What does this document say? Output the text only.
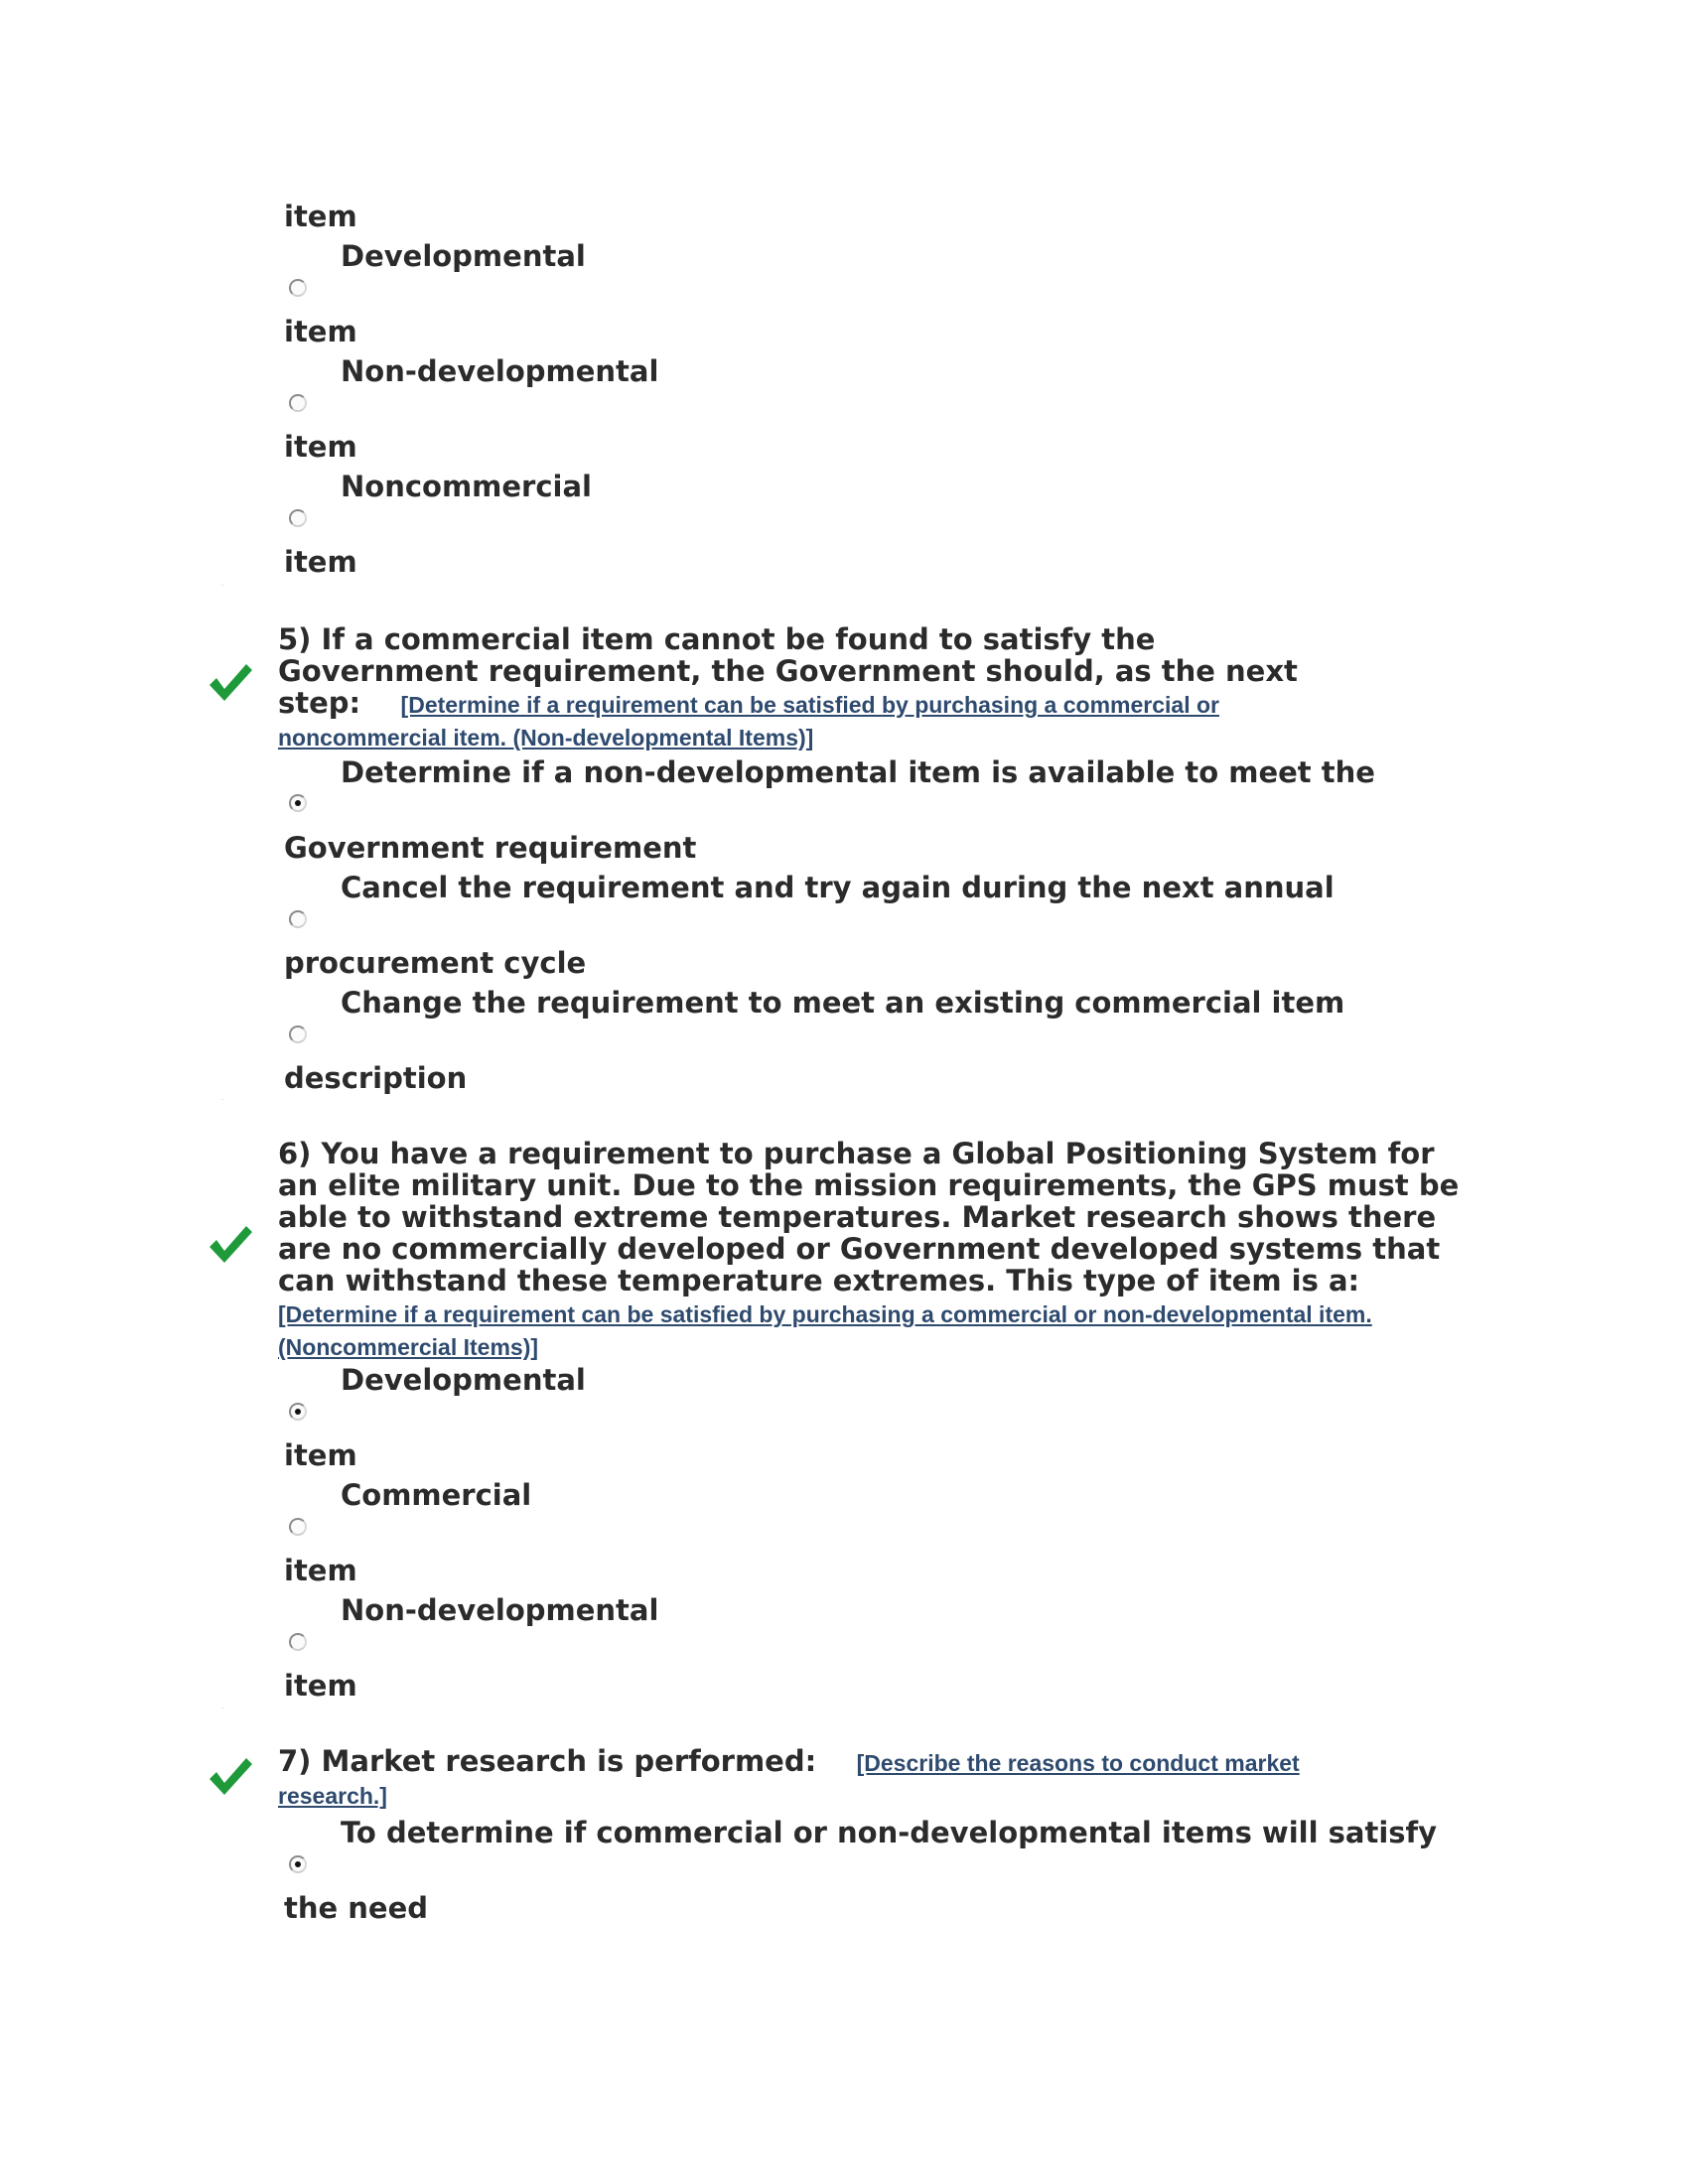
item
Developmental
item
Non-developmental
item
Noncommercial
item
5) If a commercial item cannot be found to satisfy the Government requirement, the Government should, as the next step: [Determine if a requirement can be satisfied by purchasing a commercial or noncommercial item. (Non-developmental Items)]
Determine if a non-developmental item is available to meet the
Government requirement
Cancel the requirement and try again during the next annual
procurement cycle
Change the requirement to meet an existing commercial item
description
6) You have a requirement to purchase a Global Positioning System for an elite military unit. Due to the mission requirements, the GPS must be able to withstand extreme temperatures. Market research shows there are no commercially developed or Government developed systems that can withstand these temperature extremes. This type of item is a:    [Determine if a requirement can be satisfied by purchasing a commercial or non-developmental item. (Noncommercial Items)]
Developmental
item
Commercial
item
Non-developmental
item
7) Market research is performed: [Describe the reasons to conduct market research.]
To determine if commercial or non-developmental items will satisfy
the need
